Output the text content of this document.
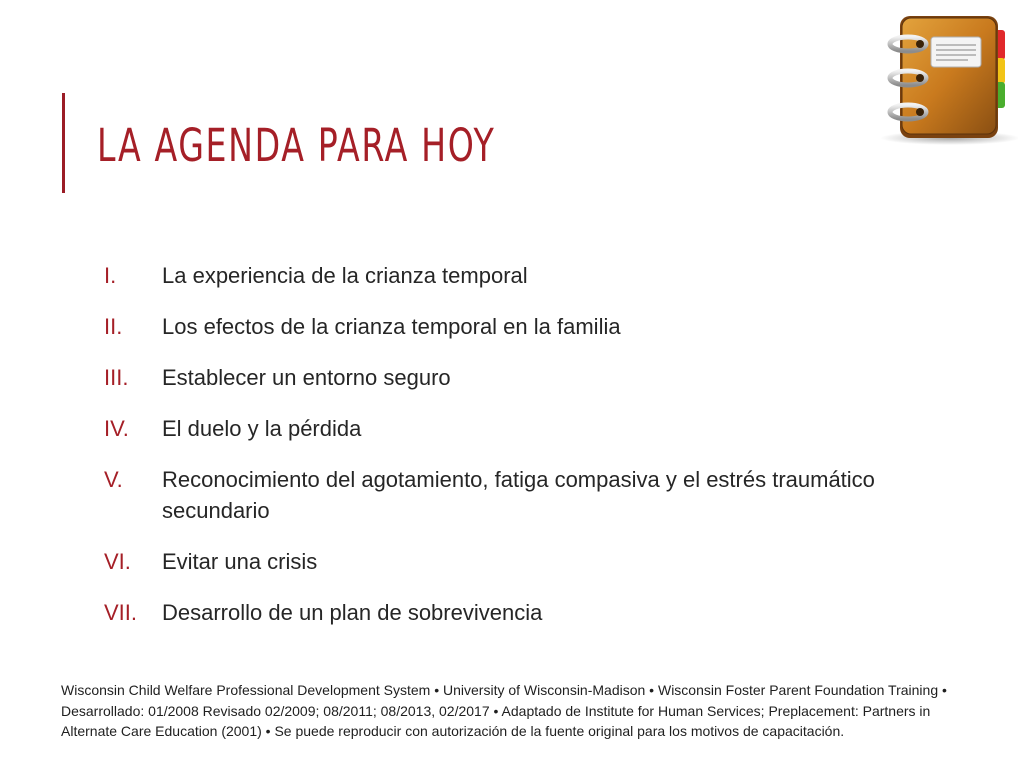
LA AGENDA PARA HOY
I.	La experiencia de la crianza temporal
II.	Los efectos de la crianza temporal en la familia
III.	Establecer un entorno seguro
IV.	El duelo y la pérdida
V.	Reconocimiento del agotamiento, fatiga compasiva y el estrés traumático secundario
VI.	Evitar una crisis
VII.	Desarrollo de un plan de sobrevivencia

Wisconsin Child Welfare Professional Development System • University of Wisconsin-Madison • Wisconsin Foster Parent Foundation Training • Desarrollado: 01/2008 Revisado 02/2009; 08/2011; 08/2013, 02/2017 • Adaptado de Institute for Human Services; Preplacement: Partners in Alternate Care Education (2001) • Se puede reproducir con autorización de la fuente original para los motivos de capacitación.
